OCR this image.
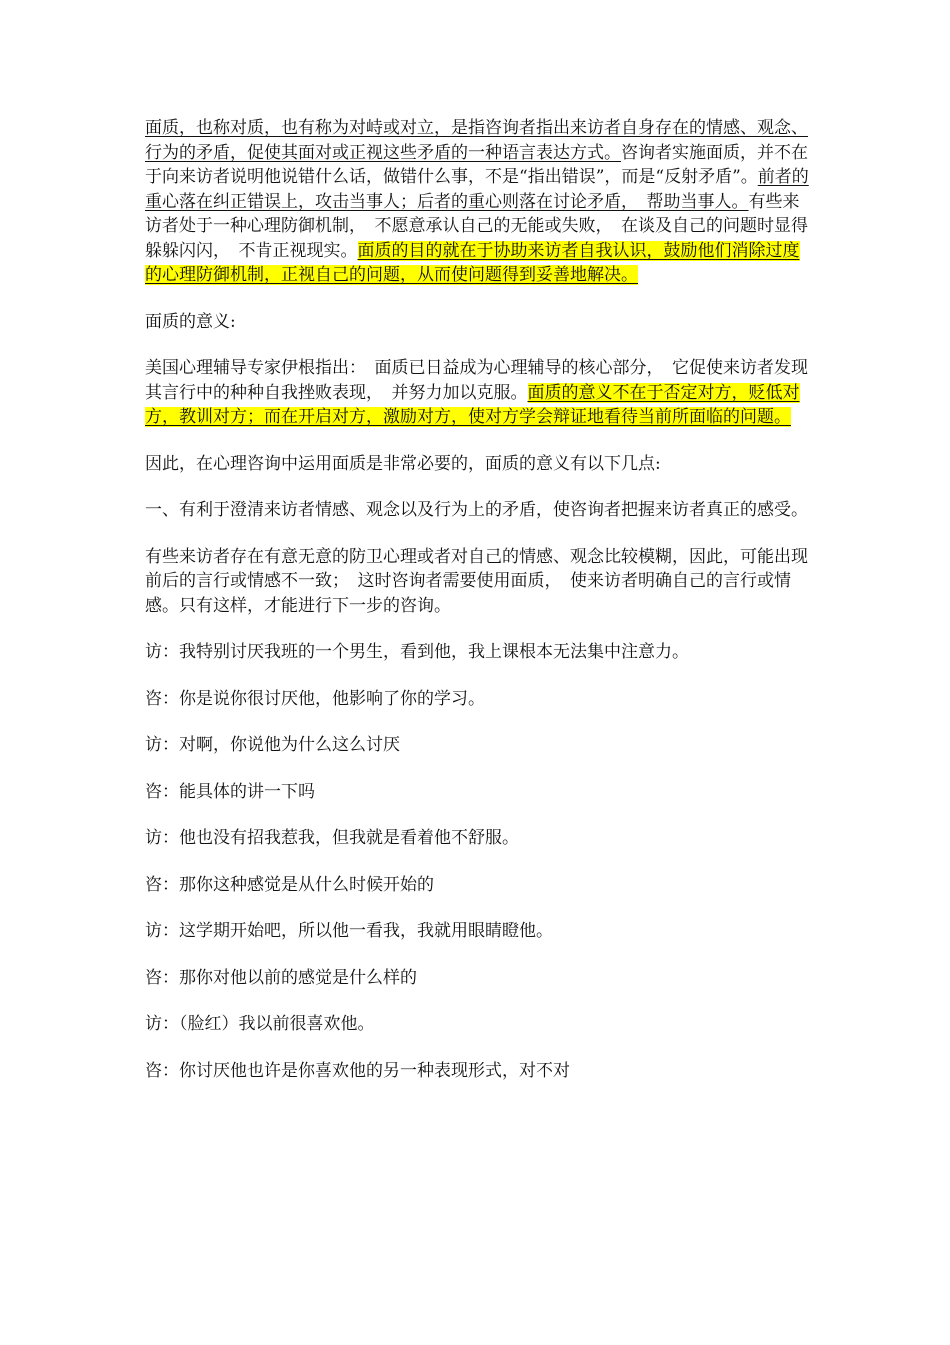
面质，也称对质，也有称为对峙或对立，是指咨询者指出来访者自身存在的情感、观念、行为的矛盾，促使其面对或正视这些矛盾的一种语言表达方式。咨询者实施面质，并不在于向来访者说明他说错什么话，做错什么事，不是“指出错误”，而是“反射矛盾”。前者的重心落在纠正错误上，攻击当事人；后者的重心则落在讨论矛盾，　帮助当事人。有些来访者处于一种心理防御机制，　不愿意承认自己的无能或失败，　在谈及自己的问题时显得躲躲闪闪，　不肯正视现实。面质的目的就在于协助来访者自我认识，鼓励他们消除过度的心理防御机制，正视自己的问题，从而使问题得到妥善地解决。

面质的意义:

美国心理辅导专家伊根指出：　面质已日益成为心理辅导的核心部分，　它促使来访者发现其言行中的种种自我挫败表现，　并努力加以克服。面质的意义不在于否定对方，贬低对方，教训对方；而在开启对方，激励对方，使对方学会辩证地看待当前所面临的问题。

因此，在心理咨询中运用面质是非常必要的，面质的意义有以下几点:

一、有利于澄清来访者情感、观念以及行为上的矛盾，使咨询者把握来访者真正的感受。

有些来访者存在有意无意的防卫心理或者对自己的情感、观念比较模糊，因此，可能出现前后的言行或情感不一致；　这时咨询者需要使用面质，　使来访者明确自己的言行或情感。只有这样，才能进行下一步的咨询。

访：我特别讨厌我班的一个男生，看到他，我上课根本无法集中注意力。

咨：你是说你很讨厌他，他影响了你的学习。

访：对啊，你说他为什么这么讨厌

咨：能具体的讲一下吗

访：他也没有招我惹我，但我就是看着他不舒服。

咨：那你这种感觉是从什么时候开始的

访：这学期开始吧，所以他一看我，我就用眼睛瞪他。

咨：那你对他以前的感觉是什么样的

访：（脸红）我以前很喜欢他。

咨：你讨厌他也许是你喜欢他的另一种表现形式，对不对
